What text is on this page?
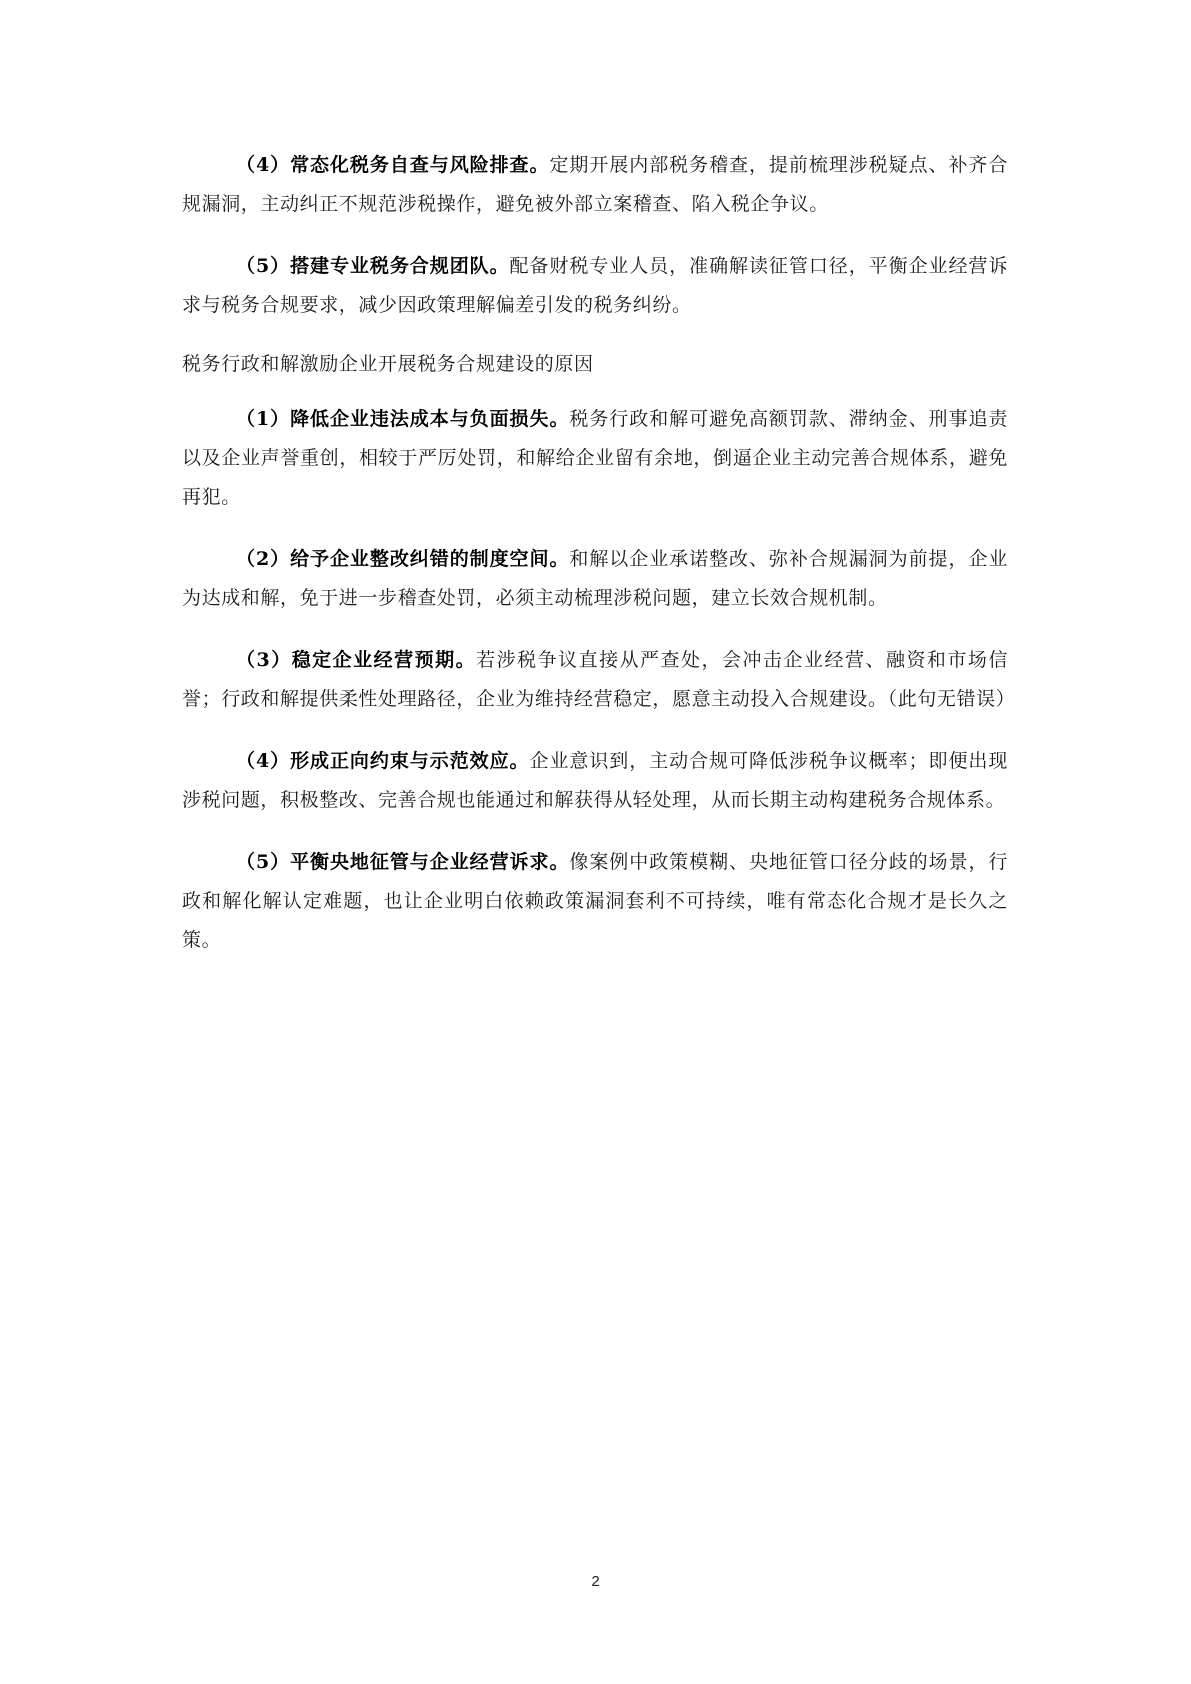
（4）常态化税务自查与风险排查。定期开展内部税务稽查，提前梳理涉税疑点、补齐合规漏洞，主动纠正不规范涉税操作，避免被外部立案稽查、陷入税企争议。

（5）搭建专业税务合规团队。配备财税专业人员，准确解读征管口径，平衡企业经营诉求与税务合规要求，减少因政策理解偏差引发的税务纠纷。

税务行政和解激励企业开展税务合规建设的原因

（1）降低企业违法成本与负面损失。税务行政和解可避免高额罚款、滞纳金、刑事追责以及企业声誉重创，相较于严厉处罚，和解给企业留有余地，倒逼企业主动完善合规体系，避免再犯。

（2）给予企业整改纠错的制度空间。和解以企业承诺整改、弥补合规漏洞为前提，企业为达成和解，免于进一步稽查处罚，必须主动梳理涉税问题，建立长效合规机制。

（3）稳定企业经营预期。若涉税争议直接从严查处，会冲击企业经营、融资和市场信誉；行政和解提供柔性处理路径，企业为维持经营稳定，愿意主动投入合规建设。（此句无错误）

（4）形成正向约束与示范效应。企业意识到，主动合规可降低涉税争议概率；即便出现涉税问题，积极整改、完善合规也能通过和解获得从轻处理，从而长期主动构建税务合规体系。

（5）平衡央地征管与企业经营诉求。像案例中政策模糊、央地征管口径分歧的场景，行政和解化解认定难题，也让企业明白依赖政策漏洞套利不可持续，唯有常态化合规才是长久之策。

2
